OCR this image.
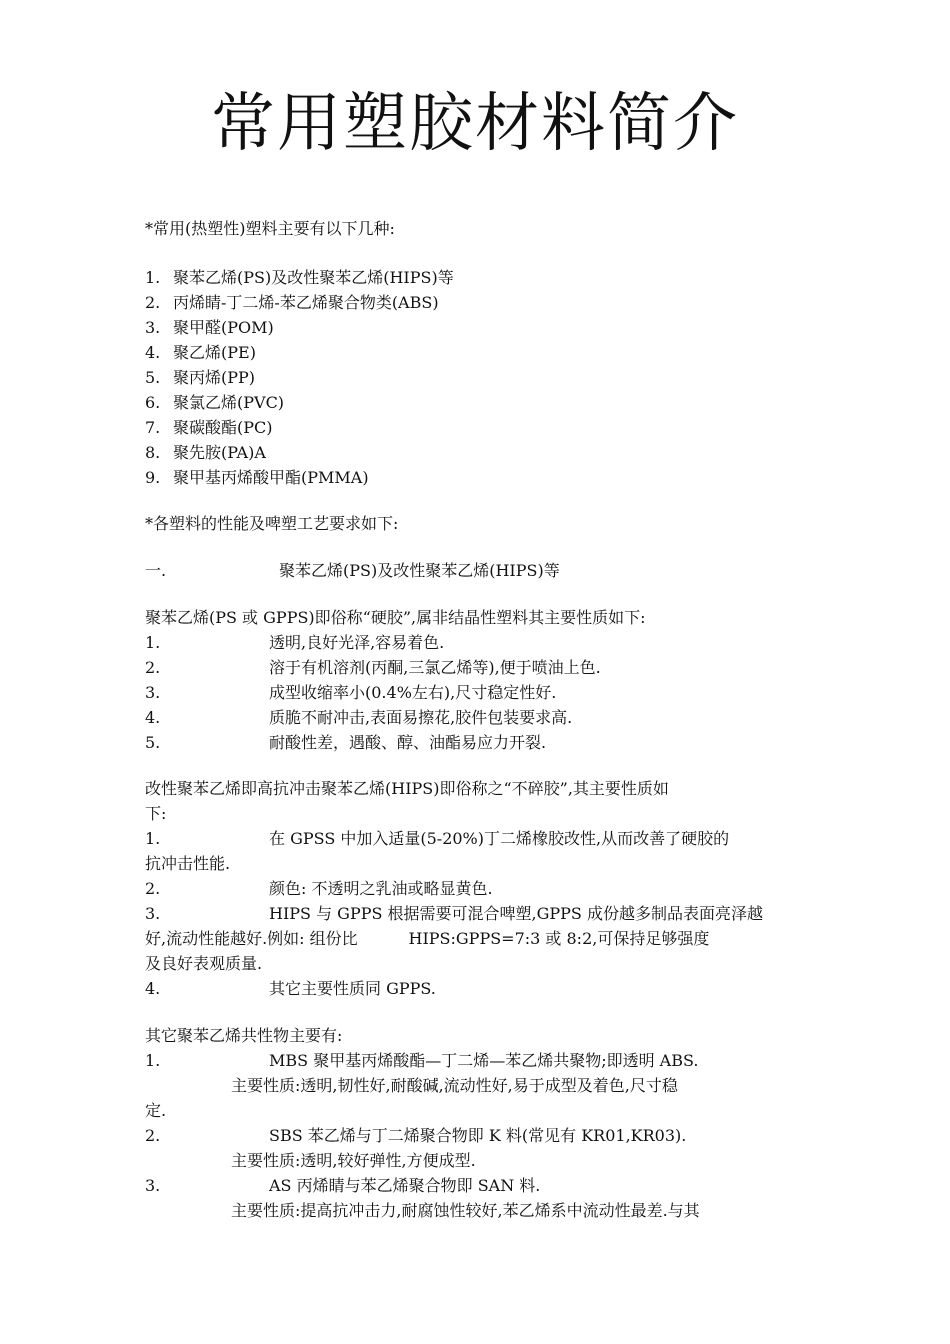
常用塑胶材料简介
*常用(热塑性)塑料主要有以下几种:
1. 聚苯乙烯(PS)及改性聚苯乙烯(HIPS)等
2. 丙烯睛-丁二烯-苯乙烯聚合物类(ABS)
3. 聚甲醛(POM)
4. 聚乙烯(PE)
5. 聚丙烯(PP)
6. 聚氯乙烯(PVC)
7. 聚碳酸酯(PC)
8. 聚先胺(PA)A
9. 聚甲基丙烯酸甲酯(PMMA)
*各塑料的性能及啤塑工艺要求如下:
一.	聚苯乙烯(PS)及改性聚苯乙烯(HIPS)等
聚苯乙烯(PS 或 GPPS)即俗称“硬胶”,属非结晶性塑料其主要性质如下:
1.	透明,良好光泽,容易着色.
2.	溶于有机溶剂(丙酮,三氯乙烯等),便于喷油上色.
3.	成型收缩率小(0.4%左右),尺寸稳定性好.
4.	质脆不耐冲击,表面易擦花,胶件包装要求高.
5.	耐酸性差，遇酸、醇、油酯易应力开裂.
改性聚苯乙烯即高抗冲击聚苯乙烯(HIPS)即俗称之“不碎胶”,其主要性质如
下:
1.	在 GPSS 中加入适量(5-20%)丁二烯橡胶改性,从而改善了硬胶的
抗冲击性能.
2.	颜色: 不透明之乳油或略显黄色.
3.	HIPS 与 GPPS 根据需要可混合啤塑,GPPS 成份越多制品表面亮泽越
好,流动性能越好.例如: 组份比          HIPS:GPPS=7:3 或 8:2,可保持足够强度
及良好表观质量.
4.	其它主要性质同 GPPS.
其它聚苯乙烯共性物主要有:
1.	MBS 聚甲基丙烯酸酯—丁二烯—苯乙烯共聚物;即透明 ABS.
主要性质:透明,韧性好,耐酸碱,流动性好,易于成型及着色,尺寸稳
定.
2.	SBS 苯乙烯与丁二烯聚合物即 K 料(常见有 KR01,KR03).
主要性质:透明,较好弹性,方便成型.
3.	AS 丙烯睛与苯乙烯聚合物即 SAN 料.
主要性质:提高抗冲击力,耐腐蚀性较好,苯乙烯系中流动性最差.与其
